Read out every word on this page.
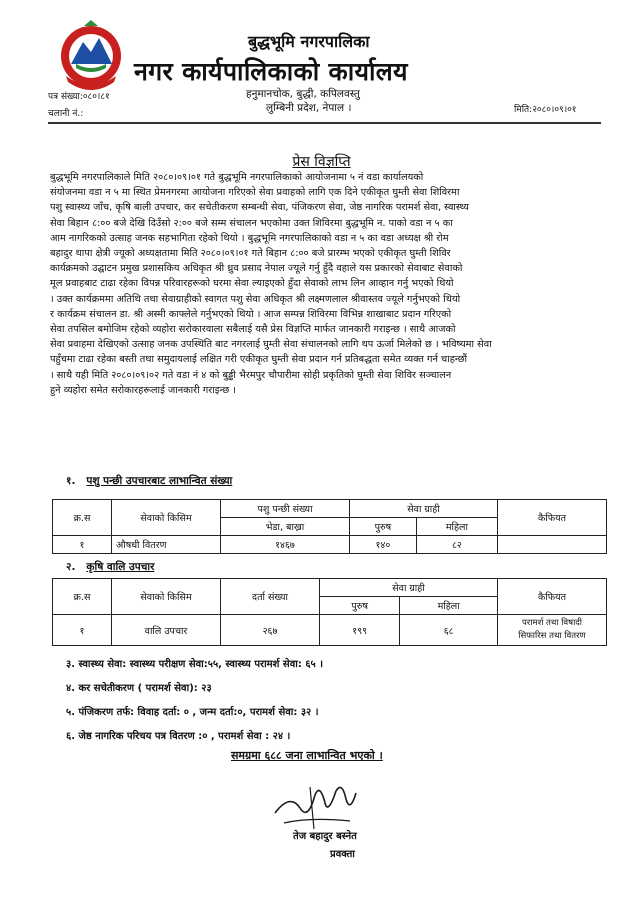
बुद्धभूमि नगरपालिका
नगर कार्यपालिकाको कार्यालय
हनुमानचोक, बुद्धी, कपिलवस्तु
लुम्बिनी प्रदेश, नेपाल ।
पत्र संख्या:०८०।८१
चलानी नं.:	मिति:२०८०।०९।०१
प्रेस विज्ञप्ति

बुद्धभूमि नगरपालिकाले मिति २०८०।०९।०१ गते बुद्धभूमि नगरपालिकाको आयोजनामा ५ नं वडा कार्यालयको

संयोजनमा वडा न ५ मा स्थित प्रेमनगरमा आयोजना गरिएको सेवा प्रवाहको लागि एक दिने एकीकृत घुम्ती सेवा शिविरमा

पशु स्वास्थ्य जाँच, कृषि बाली उपचार, कर सचेतीकरण सम्बन्धी सेवा, पंजिकरण सेवा, जेष्ठ नागरिक परामर्श सेवा, स्वास्थ्य

सेवा बिहान ८:०० बजे देखि दिउँसो २:०० बजे सम्म संचालन भएकोमा उक्त शिविरमा बुद्धभूमि न. पाको वडा न ५ का

आम नागरिकको उत्साह जनक सहभागिता रहेको थियो । बुद्धभूमि नगरपालिकाको वडा न ५ का वडा अध्यक्ष श्री रोम

बहादुर थापा क्षेत्री ज्यूको अध्यक्षतामा मिति २०८०।०९।०१ गते बिहान ८:०० बजे प्रारम्भ भएको एकीकृत घुम्ती शिविर

कार्यक्रमको उद्घाटन प्रमुख प्रशासकिय अधिकृत श्री ध्रुव प्रसाद नेपाल ज्यूले गर्नु हुँदै वहाले यस प्रकारको सेवाबाट सेवाको

मूल प्रवाहबाट टाढा रहेका विपन्न परिवारहरूको घरमा सेवा ल्याइएको हुँदा सेवाको लाभ लिन आव्हान गर्नु भएको थियो

। उक्त कार्यक्रममा अतिथि तथा सेवाग्राहीको स्वागत पशु सेवा अधिकृत श्री लक्ष्मणलाल श्रीवास्तव ज्यूले गर्नुभएको थियो

र कार्यक्रम संचालन डा. श्री अस्मी काफ्लेले गर्नुभएको थियो । आज सम्पन्न शिविरमा विभिन्न शाखाबाट प्रदान गरिएको

सेवा तपसिल बमोजिम रहेको व्यहोरा सरोकारवाला सबैलाई यसै प्रेस विज्ञप्ति मार्फत जानकारी गराइन्छ । साथै आजको

सेवा प्रवाहमा देखिएको उत्साह जनक उपस्थिति बाट नगरलाई घुम्ती सेवा संचालनको लागि थप ऊर्जा मिलेको छ । भविष्यमा सेवा

पहुँचमा टाढा रहेका बस्ती तथा समुदायलाई लक्षित गरी एकीकृत घुम्ती सेवा प्रदान गर्न प्रतिबद्धता समेत व्यक्त गर्न चाहन्छौं

। साथै यही मिति २०८०।०९।०२ गते वडा नं ४ को बुड्ढी भैरमपुर चौपारीमा सोही प्रकृतिको घुम्ती सेवा शिविर सञ्चालन

हुने व्यहोरा समेत सरोकारहरूलाई जानकारी गराइन्छ ।

१. पशु पन्छी उपचारबाट लाभान्वित संख्या
क्र.स	सेवाको किसिम	पशु पन्छी संख्या	सेवा ग्राही		कैफियत
		भेडा, बाख्रा	पुरुष	महिला	
१	औषधी वितरण	१४६७	१४०	८२	
२. कृषि वालि उपचार
क्र.स	सेवाको किसिम	दर्ता संख्या	सेवा ग्राही		कैफियत
			पुरुष	महिला	
१	वालि उपचार	२६७	१९९	६८	परामर्श तथा विषादी
सिफारिस तथा वितरण
३. स्वास्थ्य सेवा: स्वास्थ्य परीक्षण सेवा:५५, स्वास्थ्य परामर्श सेवा: ६५ ।
४. कर सचेतीकरण ( परामर्श सेवा): २३
५. पंजिकरण तर्फ: विवाह दर्ता: ० , जन्म दर्ता:०, परामर्श सेवा: ३२ ।
६. जेष्ठ नागरिक परिचय पत्र वितरण :० , परामर्श सेवा : २४ ।
समग्रमा ६८८ जना लाभान्वित भएको ।
तेज बहादुर बस्नेत
प्रवक्ता
